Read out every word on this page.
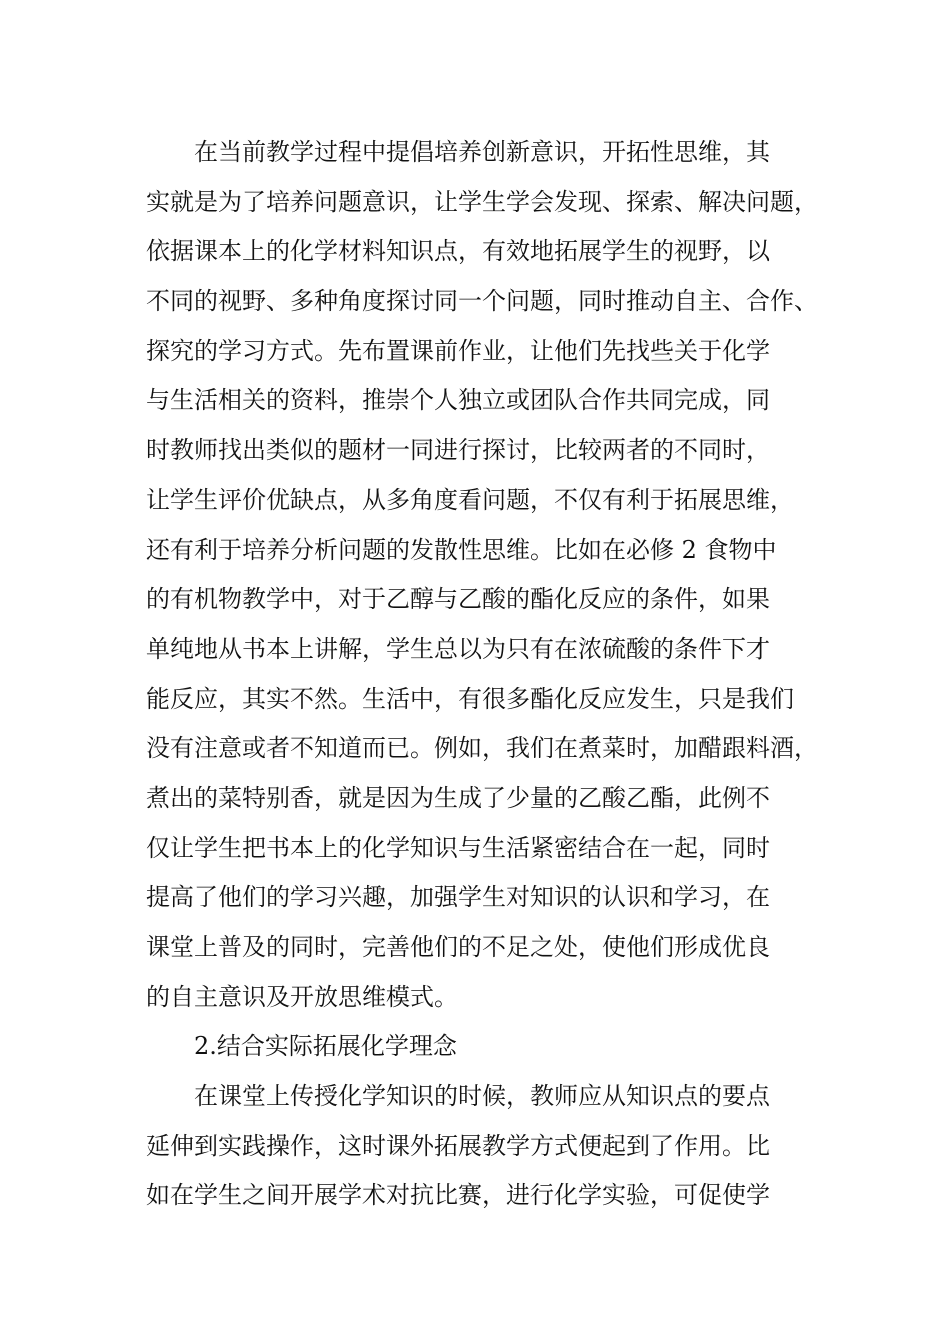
在当前教学过程中提倡培养创新意识，开拓性思维，其
实就是为了培养问题意识，让学生学会发现、探索、解决问题，
依据课本上的化学材料知识点，有效地拓展学生的视野，以
不同的视野、多种角度探讨同一个问题，同时推动自主、合作、
探究的学习方式。先布置课前作业，让他们先找些关于化学
与生活相关的资料，推崇个人独立或团队合作共同完成，同
时教师找出类似的题材一同进行探讨，比较两者的不同时，
让学生评价优缺点，从多角度看问题，不仅有利于拓展思维，
还有利于培养分析问题的发散性思维。比如在必修 2 食物中
的有机物教学中，对于乙醇与乙酸的酯化反应的条件，如果
单纯地从书本上讲解，学生总以为只有在浓硫酸的条件下才
能反应，其实不然。生活中，有很多酯化反应发生，只是我们
没有注意或者不知道而已。例如，我们在煮菜时，加醋跟料酒，
煮出的菜特别香，就是因为生成了少量的乙酸乙酯，此例不
仅让学生把书本上的化学知识与生活紧密结合在一起，同时
提高了他们的学习兴趣，加强学生对知识的认识和学习，在
课堂上普及的同时，完善他们的不足之处，使他们形成优良
的自主意识及开放思维模式。
2.结合实际拓展化学理念
在课堂上传授化学知识的时候，教师应从知识点的要点
延伸到实践操作，这时课外拓展教学方式便起到了作用。比
如在学生之间开展学术对抗比赛，进行化学实验，可促使学
